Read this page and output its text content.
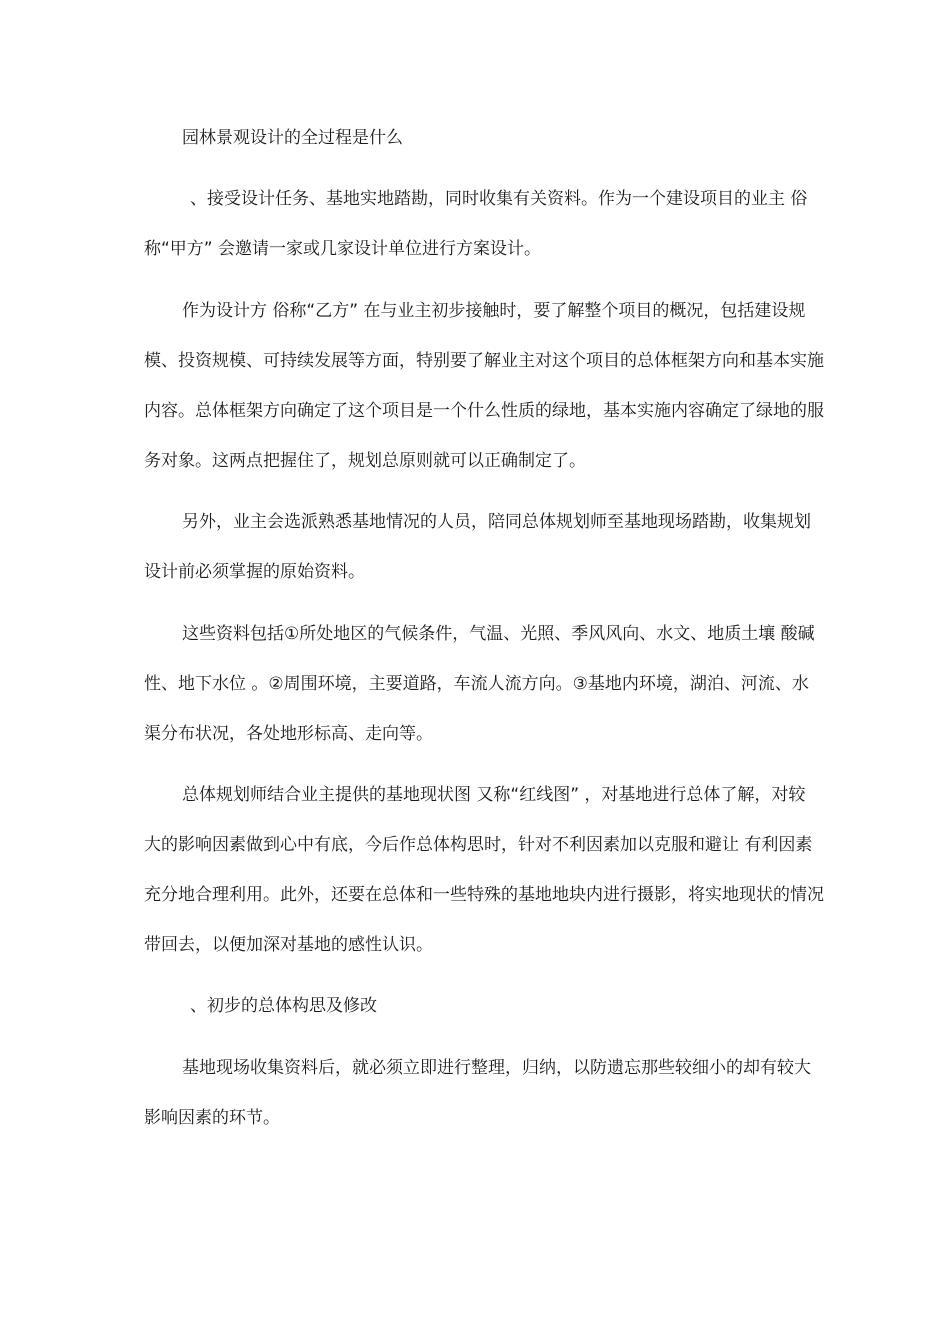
园林景观设计的全过程是什么

、接受设计任务、基地实地踏勘，同时收集有关资料。作为一个建设项目的业主 俗
称“甲方” 会邀请一家或几家设计单位进行方案设计。

作为设计方 俗称“乙方” 在与业主初步接触时，要了解整个项目的概况，包括建设规
模、投资规模、可持续发展等方面，特别要了解业主对这个项目的总体框架方向和基本实施
内容。总体框架方向确定了这个项目是一个什么性质的绿地，基本实施内容确定了绿地的服
务对象。这两点把握住了，规划总原则就可以正确制定了。

另外，业主会选派熟悉基地情况的人员，陪同总体规划师至基地现场踏勘，收集规划
设计前必须掌握的原始资料。

这些资料包括①所处地区的气候条件，气温、光照、季风风向、水文、地质土壤 酸碱
性、地下水位 。②周围环境，主要道路，车流人流方向。③基地内环境，湖泊、河流、水
渠分布状况，各处地形标高、走向等。

总体规划师结合业主提供的基地现状图 又称“红线图” ，对基地进行总体了解，对较
大的影响因素做到心中有底，今后作总体构思时，针对不利因素加以克服和避让 有利因素
充分地合理利用。此外，还要在总体和一些特殊的基地地块内进行摄影，将实地现状的情况
带回去，以便加深对基地的感性认识。

、初步的总体构思及修改

基地现场收集资料后，就必须立即进行整理，归纳，以防遗忘那些较细小的却有较大
影响因素的环节。
